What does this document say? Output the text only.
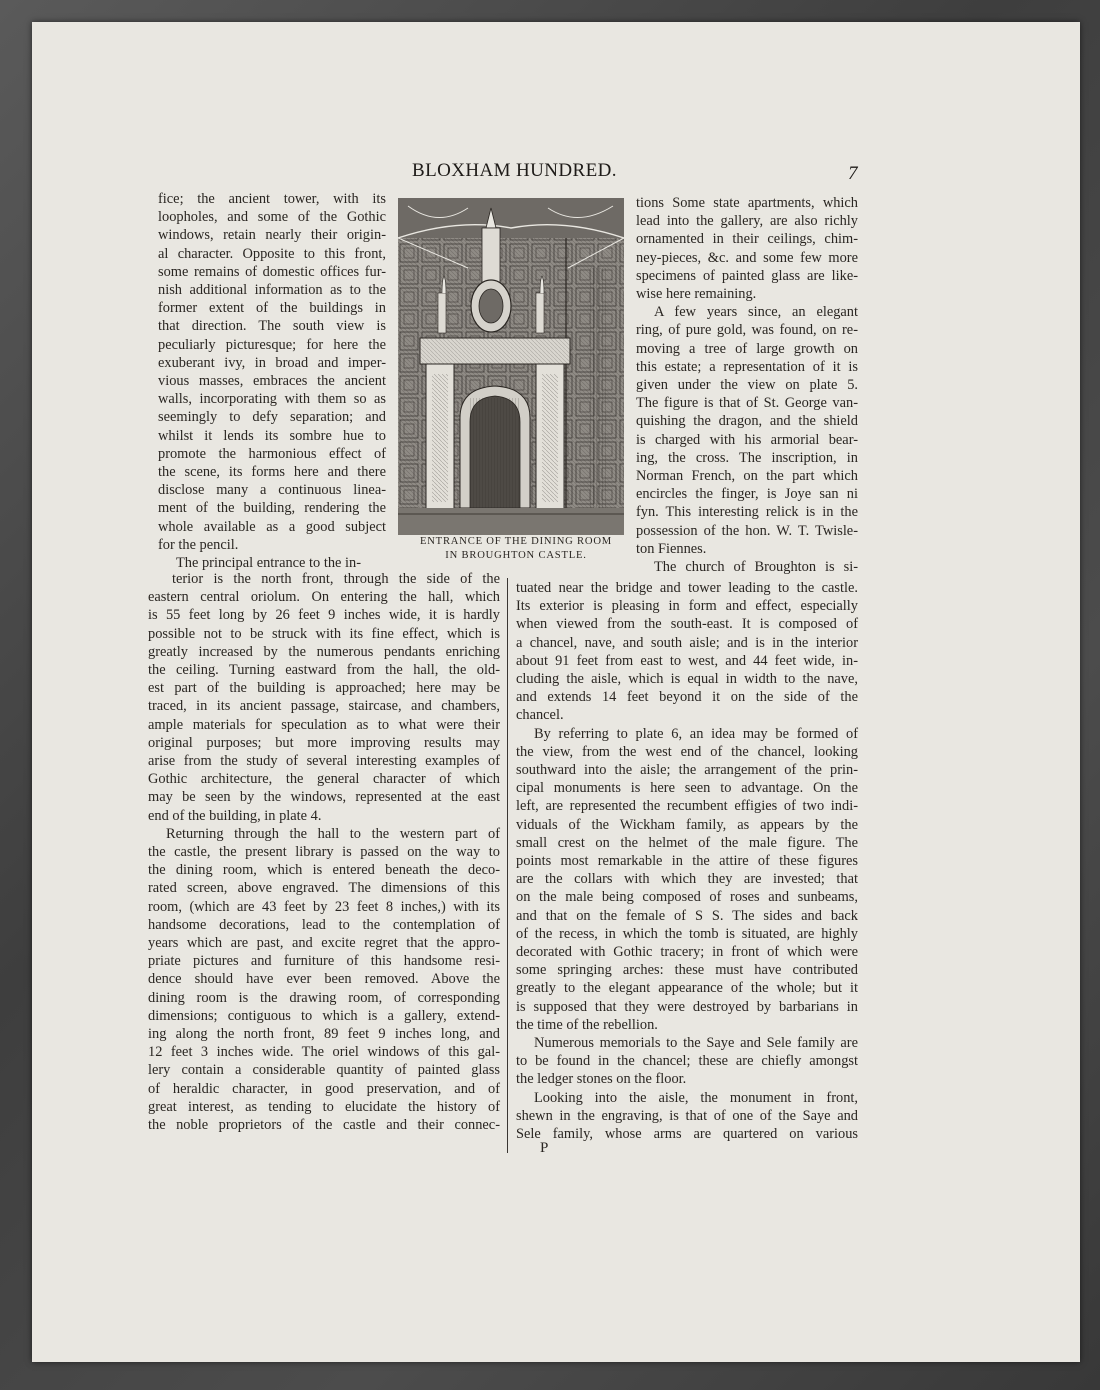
BLOXHAM HUNDRED.	7
ENTRANCE OF THE DINING ROOM
IN BROUGHTON CASTLE.
P
fice; the ancient tower, with its
loopholes, and some of the Gothic
windows, retain nearly their origin-
al character. Opposite to this front,
some remains of domestic offices fur-
nish additional information as to the
former extent of the buildings in
that direction. The south view is
peculiarly picturesque; for here the
exuberant ivy, in broad and imper-
vious masses, embraces the ancient
walls, incorporating with them so as
seemingly to defy separation; and
whilst it lends its sombre hue to
promote the harmonious effect of
the scene, its forms here and there
disclose many a continuous linea-
ment of the building, rendering the
whole available as a good subject
for the pencil.
The principal entrance to the in-
tions Some state apartments, which
lead into the gallery, are also richly
ornamented in their ceilings, chim-
ney-pieces, &c. and some few more
specimens of painted glass are like-
wise here remaining.
A few years since, an elegant
ring, of pure gold, was found, on re-
moving a tree of large growth on
this estate; a representation of it is
given under the view on plate 5.
The figure is that of St. George van-
quishing the dragon, and the shield
is charged with his armorial bear-
ing, the cross. The inscription, in
Norman French, on the part which
encircles the finger, is Joye san ni
fyn. This interesting relick is in the
possession of the hon. W. T. Twisle-
ton Fiennes.
The church of Broughton is si-
terior is the north front, through the side of the
eastern central oriolum. On entering the hall, which
is 55 feet long by 26 feet 9 inches wide, it is hardly
possible not to be struck with its fine effect, which is
greatly increased by the numerous pendants enriching
the ceiling. Turning eastward from the hall, the old-
est part of the building is approached; here may be
traced, in its ancient passage, staircase, and chambers,
ample materials for speculation as to what were their
original purposes; but more improving results may
arise from the study of several interesting examples of
Gothic architecture, the general character of which
may be seen by the windows, represented at the east
end of the building, in plate 4.
Returning through the hall to the western part of
the castle, the present library is passed on the way to
the dining room, which is entered beneath the deco-
rated screen, above engraved. The dimensions of this
room, (which are 43 feet by 23 feet 8 inches,) with its
handsome decorations, lead to the contemplation of
years which are past, and excite regret that the appro-
priate pictures and furniture of this handsome resi-
dence should have ever been removed. Above the
dining room is the drawing room, of corresponding
dimensions; contiguous to which is a gallery, extend-
ing along the north front, 89 feet 9 inches long, and
12 feet 3 inches wide. The oriel windows of this gal-
lery contain a considerable quantity of painted glass
of heraldic character, in good preservation, and of
great interest, as tending to elucidate the history of
the noble proprietors of the castle and their connec-
tuated near the bridge and tower leading to the castle.
Its exterior is pleasing in form and effect, especially
when viewed from the south-east. It is composed of
a chancel, nave, and south aisle; and is in the interior
about 91 feet from east to west, and 44 feet wide, in-
cluding the aisle, which is equal in width to the nave,
and extends 14 feet beyond it on the side of the
chancel.
By referring to plate 6, an idea may be formed of
the view, from the west end of the chancel, looking
southward into the aisle; the arrangement of the prin-
cipal monuments is here seen to advantage. On the
left, are represented the recumbent effigies of two indi-
viduals of the Wickham family, as appears by the
small crest on the helmet of the male figure. The
points most remarkable in the attire of these figures
are the collars with which they are invested; that
on the male being composed of roses and sunbeams,
and that on the female of S S. The sides and back
of the recess, in which the tomb is situated, are highly
decorated with Gothic tracery; in front of which were
some springing arches: these must have contributed
greatly to the elegant appearance of the whole; but it
is supposed that they were destroyed by barbarians in
the time of the rebellion.
Numerous memorials to the Saye and Sele family are
to be found in the chancel; these are chiefly amongst
the ledger stones on the floor.
Looking into the aisle, the monument in front,
shewn in the engraving, is that of one of the Saye and
Sele family, whose arms are quartered on various
